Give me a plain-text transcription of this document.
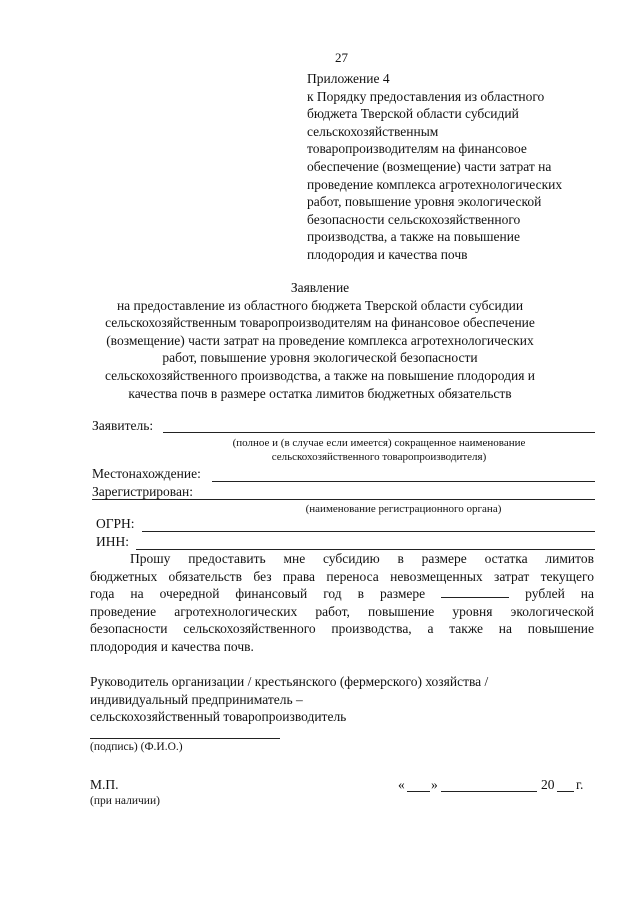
27
Приложение 4
к Порядку предоставления из областного
бюджета Тверской области субсидий
сельскохозяйственным
товаропроизводителям на финансовое
обеспечение (возмещение) части затрат на
проведение комплекса агротехнологических
работ, повышение уровня экологической
безопасности сельскохозяйственного
производства, а также на повышение
плодородия и качества почв
Заявление
на предоставление из областного бюджета Тверской области субсидии
сельскохозяйственным товаропроизводителям на финансовое обеспечение
(возмещение) части затрат на проведение комплекса агротехнологических
работ, повышение уровня экологической безопасности
сельскохозяйственного производства, а также на повышение плодородия и
качества почв в размере остатка лимитов бюджетных обязательств
Заявитель:
(полное и (в случае если имеется) сокращенное наименование
сельскохозяйственного товаропроизводителя)
Местонахождение:
Зарегистрирован:
(наименование регистрационного органа)
ОГРН:
ИНН:
Прошу предоставить мне субсидию в размере остатка лимитов
бюджетных обязательств без права переноса невозмещенных затрат текущего
года на очередной финансовый год в размере	рублей на
проведение агротехнологических работ, повышение уровня экологической
безопасности сельскохозяйственного производства, а также на повышение
плодородия и качества почв.
Руководитель организации / крестьянского (фермерского) хозяйства /
индивидуальный предприниматель –
сельскохозяйственный товаропроизводитель
(подпись) (Ф.И.О.)
М.П.
(при наличии)
« »	20 г.
